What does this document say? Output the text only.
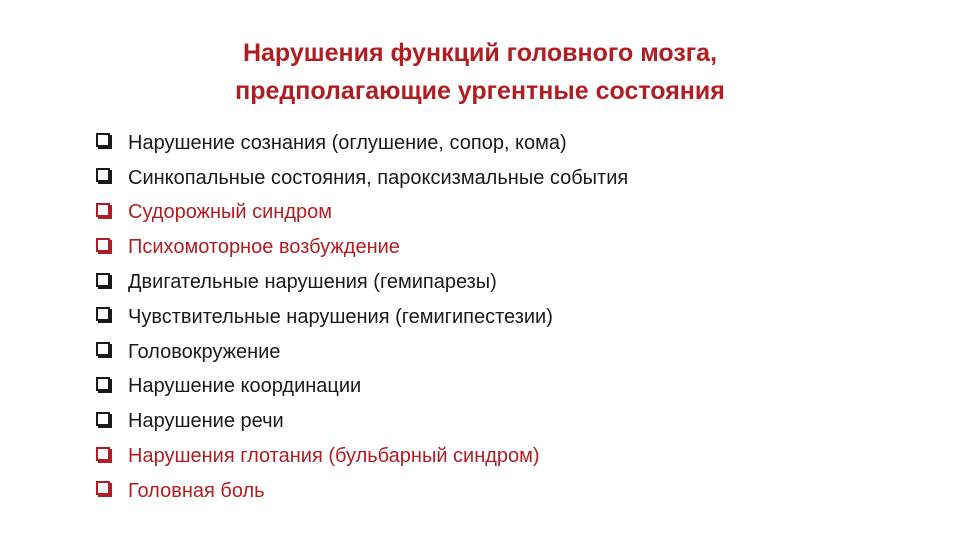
Нарушения функций головного мозга,
предполагающие ургентные состояния
Нарушение сознания (оглушение, сопор, кома)
Синкопальные состояния, пароксизмальные события
Судорожный синдром
Психомоторное возбуждение
Двигательные нарушения (гемипарезы)
Чувствительные нарушения (гемигипестезии)
Головокружение
Нарушение координации
Нарушение речи
Нарушения глотания (бульбарный синдром)
Головная боль
